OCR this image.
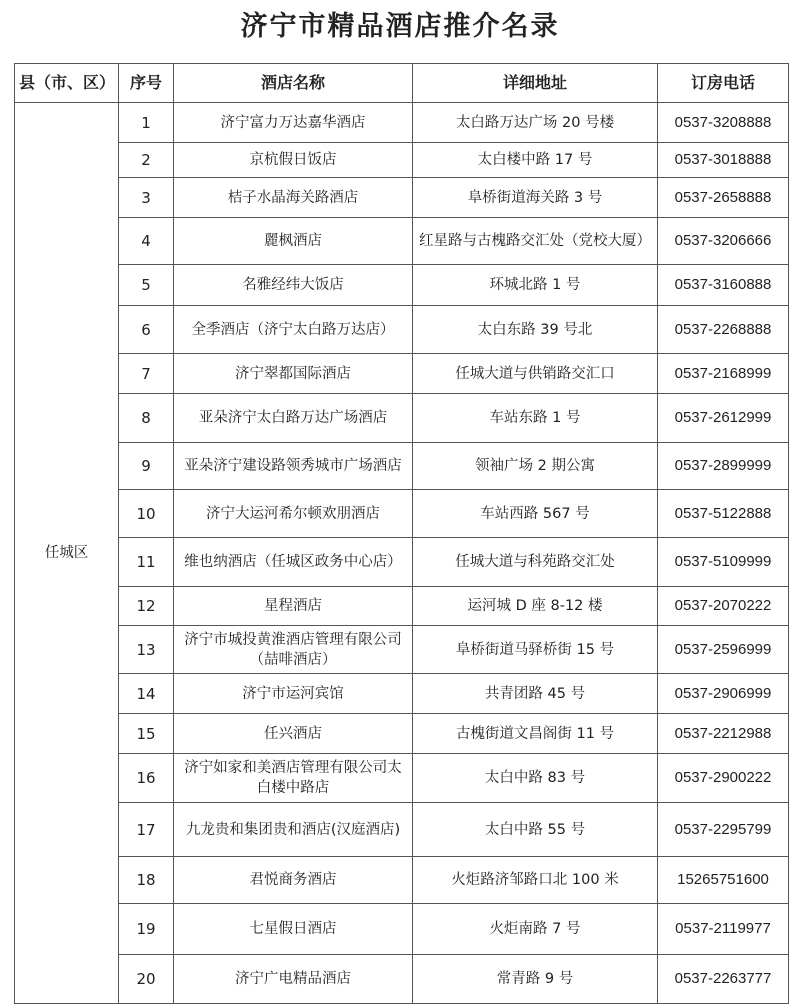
济宁市精品酒店推介名录
县（市、区）	序号	酒店名称	详细地址	订房电话
任城区	1	济宁富力万达嘉华酒店	太白路万达广场 20 号楼	0537-3208888
	2	京杭假日饭店	太白楼中路 17 号	0537-3018888
	3	桔子水晶海关路酒店	阜桥街道海关路 3 号	0537-2658888
	4	麗枫酒店	红星路与古槐路交汇处（党校大厦）	0537-3206666
	5	名雅经纬大饭店	环城北路 1 号	0537-3160888
	6	全季酒店（济宁太白路万达店）	太白东路 39 号北	0537-2268888
	7	济宁翠都国际酒店	任城大道与供销路交汇口	0537-2168999
	8	亚朵济宁太白路万达广场酒店	车站东路 1 号	0537-2612999
	9	亚朵济宁建设路领秀城市广场酒店	领袖广场 2 期公寓	0537-2899999
	10	济宁大运河希尔顿欢朋酒店	车站西路 567 号	0537-5122888
	11	维也纳酒店（任城区政务中心店）	任城大道与科苑路交汇处	0537-5109999
	12	星程酒店	运河城 D 座 8-12 楼	0537-2070222
	13	济宁市城投黄淮酒店管理有限公司（喆啡酒店）	阜桥街道马驿桥街 15 号	0537-2596999
	14	济宁市运河宾馆	共青团路 45 号	0537-2906999
	15	任兴酒店	古槐街道文昌阁街 11 号	0537-2212988
	16	济宁如家和美酒店管理有限公司太白楼中路店	太白中路 83 号	0537-2900222
	17	九龙贵和集团贵和酒店(汉庭酒店)	太白中路 55 号	0537-2295799
	18	君悦商务酒店	火炬路济邹路口北 100 米	15265751600
	19	七星假日酒店	火炬南路 7 号	0537-2119977
	20	济宁广电精品酒店	常青路 9 号	0537-2263777
